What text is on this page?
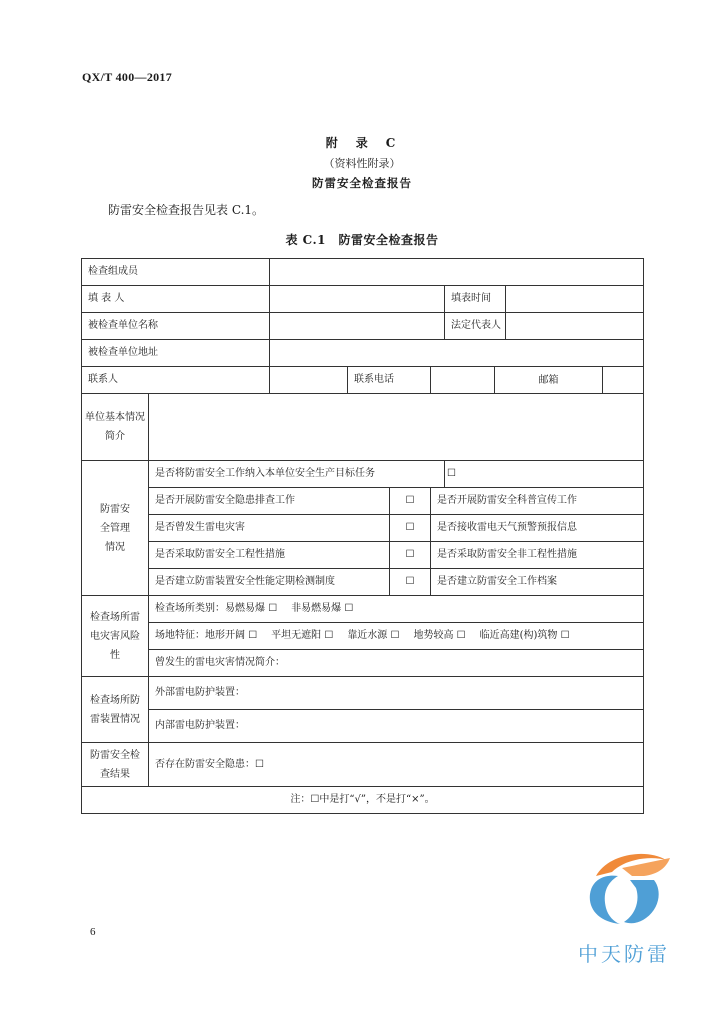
QX/T 400—2017
附　录　C
（资料性附录）
防雷安全检查报告
防雷安全检查报告见表 C.1。
表 C.1　防雷安全检查报告
检查组成员										
填 表 人						填表时间				
被检查单位名称						法定代表人				
被检查单位地址										
联系人			联系电话				邮箱			
单位基本情况简介										
防雷安全管理情况	是否将防雷安全工作纳入本单位安全生产目标任务					☐				
	是否开展防雷安全隐患排查工作			☐	是否开展防雷安全科普宣传工作	
	是否曾发生雷电灾害			☐	是否接收雷电天气预警预报信息	
	是否采取防雷安全工程性措施			☐	是否采取防雷安全非工程性措施	
	是否建立防雷装置安全性能定期检测制度			☐	是否建立防雷安全工作档案	
检查场所雷电灾害风险性	检查场所类别：易燃易爆 ☐ 非易燃易爆 ☐									
	场地特征：地形开阔 ☐ 平坦无遮阳 ☐ 靠近水源 ☐ 地势较高 ☐ 临近高建(构)筑物 ☐									
	曾发生的雷电灾害情况简介：									
检查场所防雷装置情况	外部雷电防护装置：									
	内部雷电防护装置：									
防雷安全检查结果	否存在防雷安全隐患：☐									
注：☐中是打“√”，不是打“×”。										
6
中天防雷
